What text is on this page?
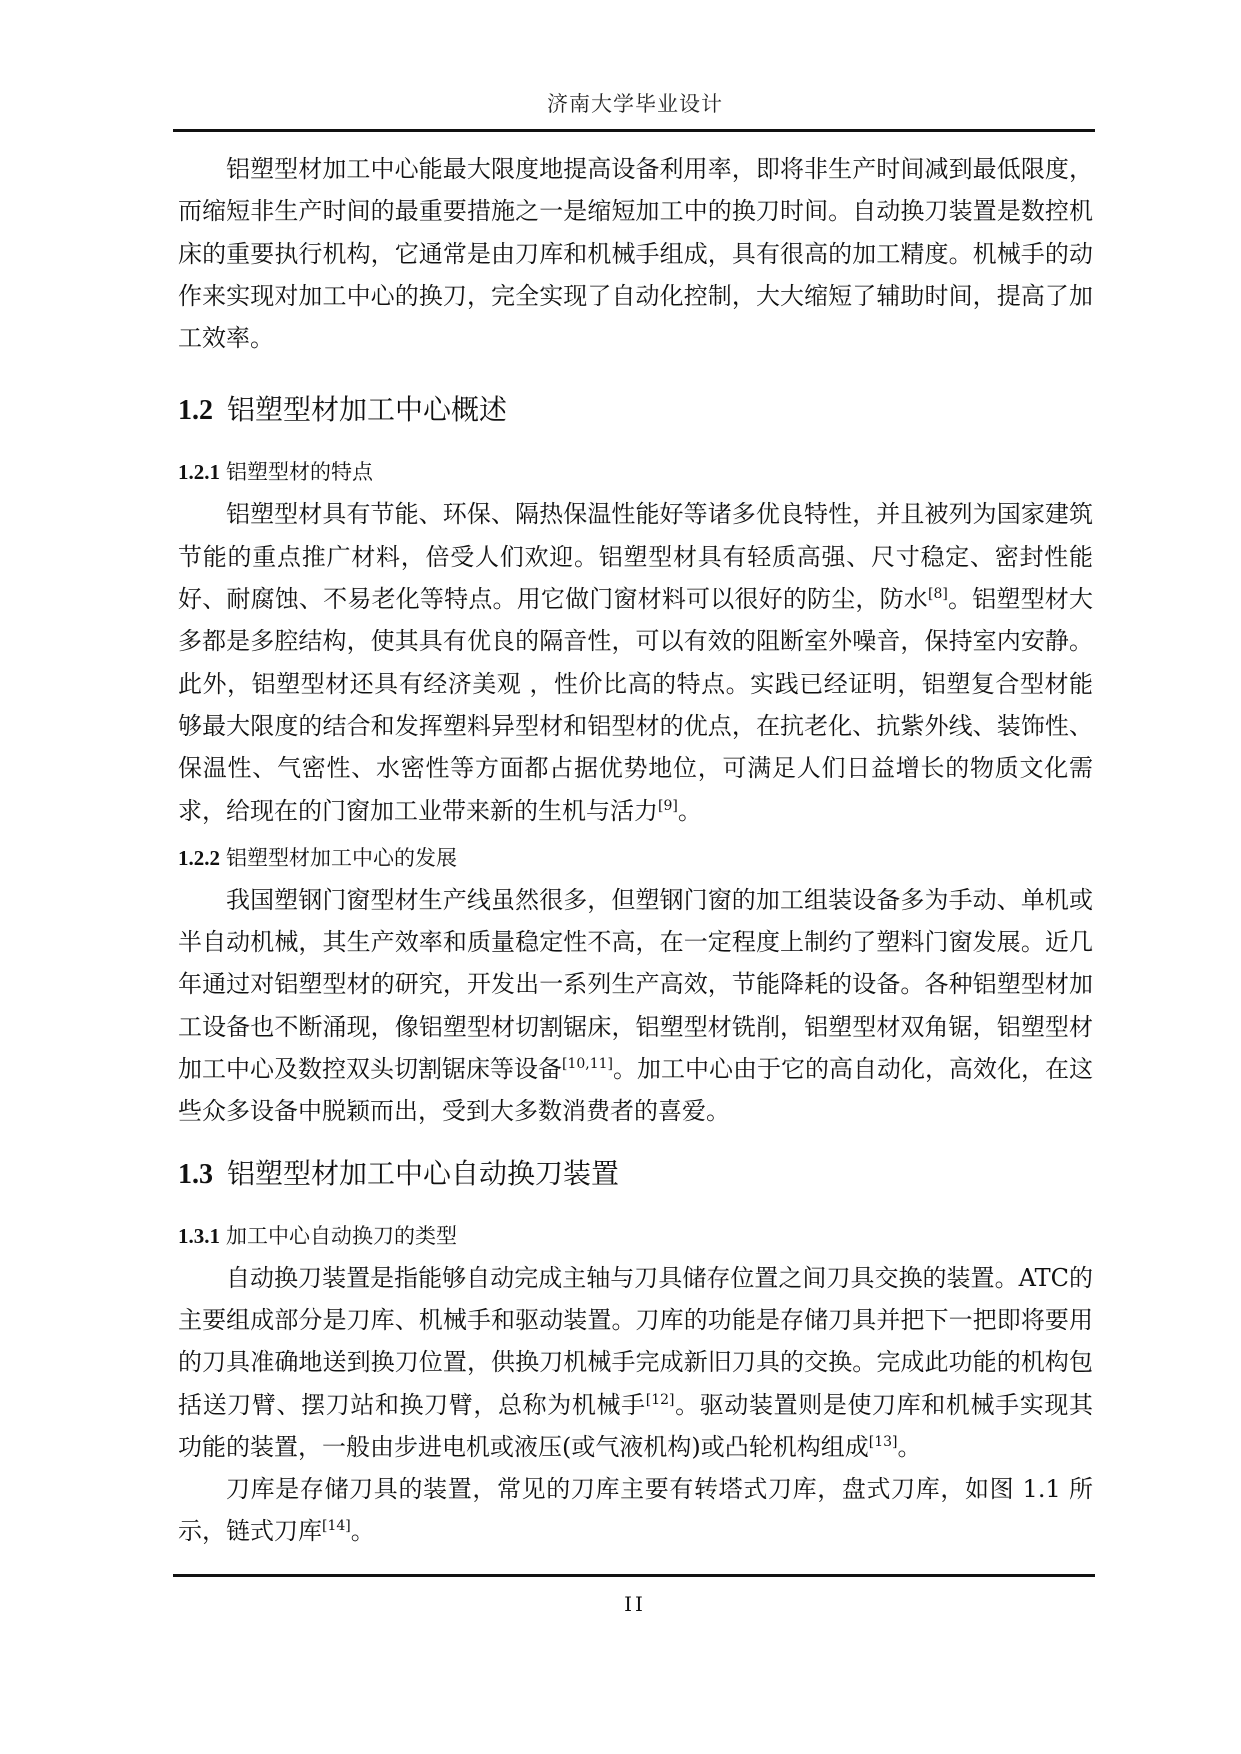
济南大学毕业设计

铝塑型材加工中心能最大限度地提高设备利用率，即将非生产时间减到最低限度，而缩短非生产时间的最重要措施之一是缩短加工中的换刀时间。自动换刀装置是数控机床的重要执行机构，它通常是由刀库和机械手组成，具有很高的加工精度。机械手的动作来实现对加工中心的换刀，完全实现了自动化控制，大大缩短了辅助时间，提高了加工效率。

1.2 铝塑型材加工中心概述
1.2.1 铝塑型材的特点

铝塑型材具有节能、环保、隔热保温性能好等诸多优良特性，并且被列为国家建筑节能的重点推广材料，倍受人们欢迎。铝塑型材具有轻质高强、尺寸稳定、密封性能好、耐腐蚀、不易老化等特点。用它做门窗材料可以很好的防尘，防水[8]。铝塑型材大多都是多腔结构，使其具有优良的隔音性，可以有效的阻断室外噪音，保持室内安静。此外，铝塑型材还具有经济美观 ，性价比高的特点。实践已经证明，铝塑复合型材能够最大限度的结合和发挥塑料异型材和铝型材的优点，在抗老化、抗紫外线、装饰性、保温性、气密性、水密性等方面都占据优势地位，可满足人们日益增长的物质文化需求，给现在的门窗加工业带来新的生机与活力[9]。

1.2.2 铝塑型材加工中心的发展

我国塑钢门窗型材生产线虽然很多，但塑钢门窗的加工组装设备多为手动、单机或半自动机械，其生产效率和质量稳定性不高，在一定程度上制约了塑料门窗发展。近几年通过对铝塑型材的研究，开发出一系列生产高效，节能降耗的设备。各种铝塑型材加工设备也不断涌现，像铝塑型材切割锯床，铝塑型材铣削，铝塑型材双角锯，铝塑型材加工中心及数控双头切割锯床等设备[10,11]。加工中心由于它的高自动化，高效化，在这些众多设备中脱颖而出，受到大多数消费者的喜爱。

1.3 铝塑型材加工中心自动换刀装置
1.3.1 加工中心自动换刀的类型

自动换刀装置是指能够自动完成主轴与刀具储存位置之间刀具交换的装置。ATC的主要组成部分是刀库、机械手和驱动装置。刀库的功能是存储刀具并把下一把即将要用的刀具准确地送到换刀位置，供换刀机械手完成新旧刀具的交换。完成此功能的机构包括送刀臂、摆刀站和换刀臂，总称为机械手[12]。驱动装置则是使刀库和机械手实现其功能的装置，一般由步进电机或液压(或气液机构)或凸轮机构组成[13]。

刀库是存储刀具的装置，常见的刀库主要有转塔式刀库，盘式刀库，如图 1.1 所示，链式刀库[14]。

II
